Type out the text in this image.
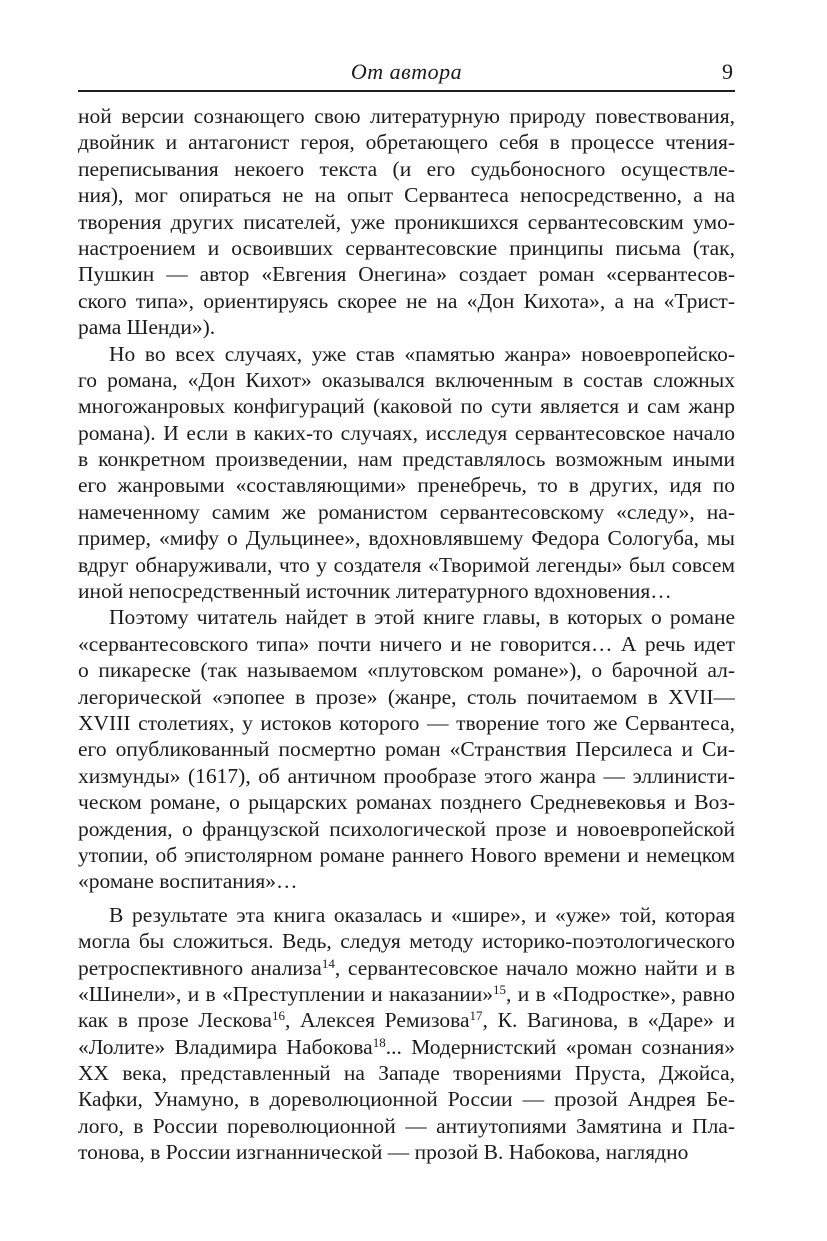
От автора	9
ной версии сознающего свою литературную природу повествования,
двойник и антагонист героя, обретающего себя в процессе чтения-
переписывания некоего текста (и его судьбоносного осуществле-
ния), мог опираться не на опыт Сервантеса непосредственно, а на
творения других писателей, уже проникшихся сервантесовским умо-
настроением и освоивших сервантесовские принципы письма (так,
Пушкин — автор «Евгения Онегина» создает роман «сервантесов-
ского типа», ориентируясь скорее не на «Дон Кихота», а на «Трист-
рама Шенди»).
Но во всех случаях, уже став «памятью жанра» новоевропейско-
го романа, «Дон Кихот» оказывался включенным в состав сложных
многожанровых конфигураций (каковой по сути является и сам жанр
романа). И если в каких-то случаях, исследуя сервантесовское начало
в конкретном произведении, нам представлялось возможным иными
его жанровыми «составляющими» пренебречь, то в других, идя по
намеченному самим же романистом сервантесовскому «следу», на-
пример, «мифу о Дульцинее», вдохновлявшему Федора Сологуба, мы
вдруг обнаруживали, что у создателя «Творимой легенды» был совсем
иной непосредственный источник литературного вдохновения…
Поэтому читатель найдет в этой книге главы, в которых о романе
«сервантесовского типа» почти ничего и не говорится… А речь идет
о пикареске (так называемом «плутовском романе»), о барочной ал-
легорической «эпопее в прозе» (жанре, столь почитаемом в XVII—
XVIII столетиях, у истоков которого — творение того же Сервантеса,
его опубликованный посмертно роман «Странствия Персилеса и Си-
хизмунды» (1617), об античном прообразе этого жанра — эллинисти-
ческом романе, о рыцарских романах позднего Средневековья и Воз-
рождения, о французской психологической прозе и новоевропейской
утопии, об эпистолярном романе раннего Нового времени и немецком
«романе воспитания»…
В результате эта книга оказалась и «шире», и «уже» той, которая
могла бы сложиться. Ведь, следуя методу историко-поэтологического
ретроспективного анализа$^{14}$, сервантесовское начало можно найти и в
«Шинели», и в «Преступлении и наказании»$^{15}$, и в «Подростке», равно
как в прозе Лескова$^{16}$, Алексея Ремизова$^{17}$, К. Вагинова, в «Даре» и
«Лолите» Владимира Набокова$^{18}$... Модернистский «роман сознания»
ХХ века, представленный на Западе творениями Пруста, Джойса,
Кафки, Унамуно, в дореволюционной России — прозой Андрея Бе-
лого, в России пореволюционной — антиутопиями Замятина и Пла-
тонова, в России изгнаннической — прозой В. Набокова, наглядно
